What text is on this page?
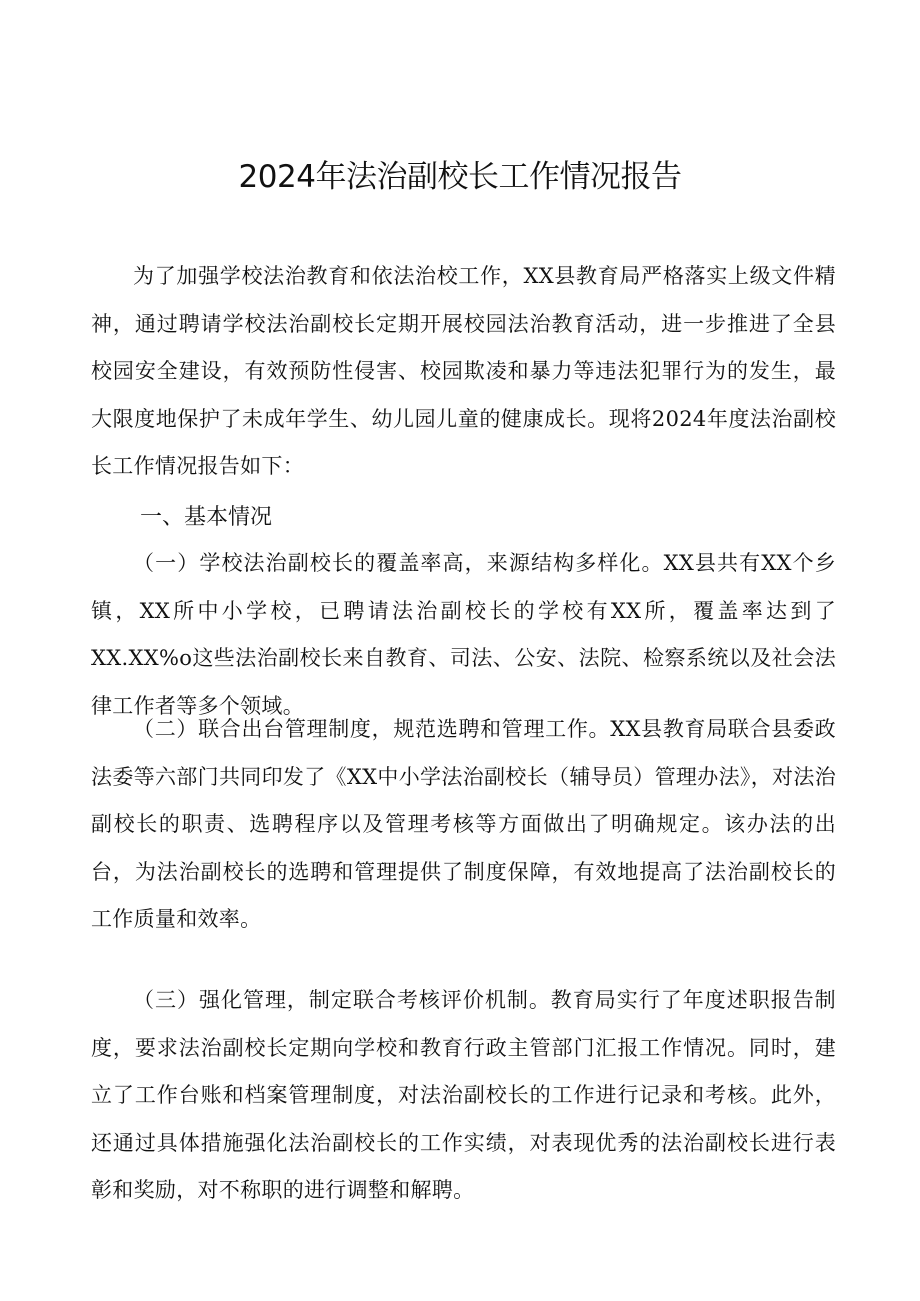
2024年法治副校长工作情况报告

为了加强学校法治教育和依法治校工作，XX县教育局严格落实上级文件精神，通过聘请学校法治副校长定期开展校园法治教育活动，进一步推进了全县校园安全建设，有效预防性侵害、校园欺凌和暴力等违法犯罪行为的发生，最大限度地保护了未成年学生、幼儿园儿童的健康成长。现将2024年度法治副校长工作情况报告如下：

一、基本情况

（一）学校法治副校长的覆盖率高，来源结构多样化。XX县共有XX个乡镇，XX所中小学校，已聘请法治副校长的学校有XX所，覆盖率达到了XX.XX%o这些法治副校长来自教育、司法、公安、法院、检察系统以及社会法律工作者等多个领域。

（二）联合出台管理制度，规范选聘和管理工作。XX县教育局联合县委政法委等六部门共同印发了《XX中小学法治副校长（辅导员）管理办法》，对法治副校长的职责、选聘程序以及管理考核等方面做出了明确规定。该办法的出台，为法治副校长的选聘和管理提供了制度保障，有效地提高了法治副校长的工作质量和效率。

（三）强化管理，制定联合考核评价机制。教育局实行了年度述职报告制度，要求法治副校长定期向学校和教育行政主管部门汇报工作情况。同时，建立了工作台账和档案管理制度，对法治副校长的工作进行记录和考核。此外，还通过具体措施强化法治副校长的工作实绩，对表现优秀的法治副校长进行表彰和奖励，对不称职的进行调整和解聘。
